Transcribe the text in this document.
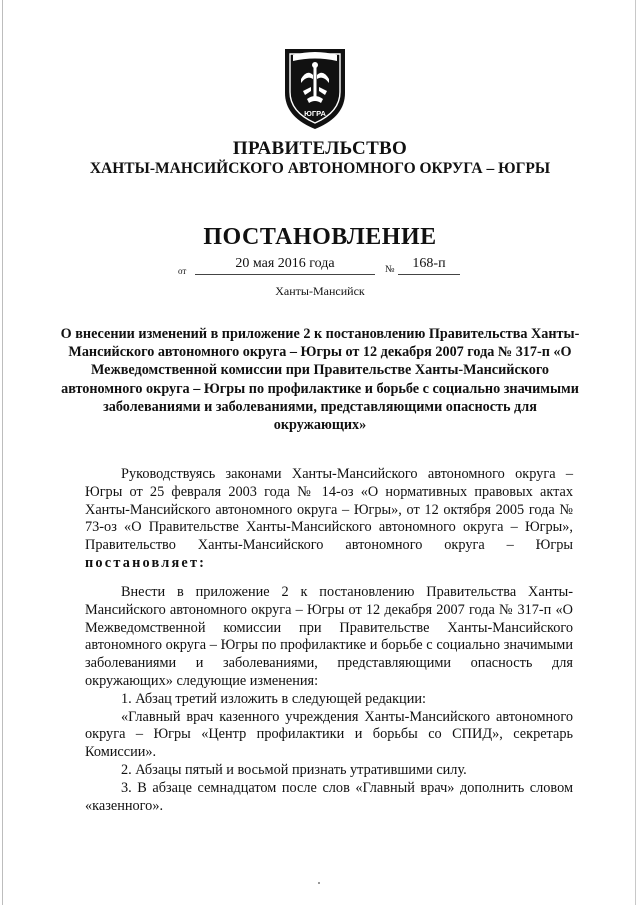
ЮГРА
ПРАВИТЕЛЬСТВО
ХАНТЫ-МАНСИЙСКОГО АВТОНОМНОГО ОКРУГА – ЮГРЫ
ПОСТАНОВЛЕНИЕ
от	20 мая 2016 года	№	168-п
Ханты-Мансийск
О внесении изменений в приложение 2 к постановлению Правительства Ханты-Мансийского автономного округа – Югры от 12 декабря 2007 года № 317-п «О Межведомственной комиссии при Правительстве Ханты-Мансийского автономного округа – Югры по профилактике и борьбе с социально значимыми заболеваниями и заболеваниями, представляющими опасность для окружающих»

Руководствуясь законами Ханты-Мансийского автономного округа – Югры от 25 февраля 2003 года № 14-оз «О нормативных правовых актах Ханты-Мансийского автономного округа – Югры», от 12 октября 2005 года № 73-оз «О Правительстве Ханты-Мансийского автономного округа – Югры», Правительство Ханты-Мансийского автономного округа – Югры постановляет:

Внести в приложение 2 к постановлению Правительства Ханты-Мансийского автономного округа – Югры от 12 декабря 2007 года № 317-п «О Межведомственной комиссии при Правительстве Ханты-Мансийского автономного округа – Югры по профилактике и борьбе с социально значимыми заболеваниями и заболеваниями, представляющими опасность для окружающих» следующие изменения:

1. Абзац третий изложить в следующей редакции:

«Главный врач казенного учреждения Ханты-Мансийского автономного округа – Югры «Центр профилактики и борьбы со СПИД», секретарь Комиссии».

2. Абзацы пятый и восьмой признать утратившими силу.

3. В абзаце семнадцатом после слов «Главный врач» дополнить словом «казенного».
